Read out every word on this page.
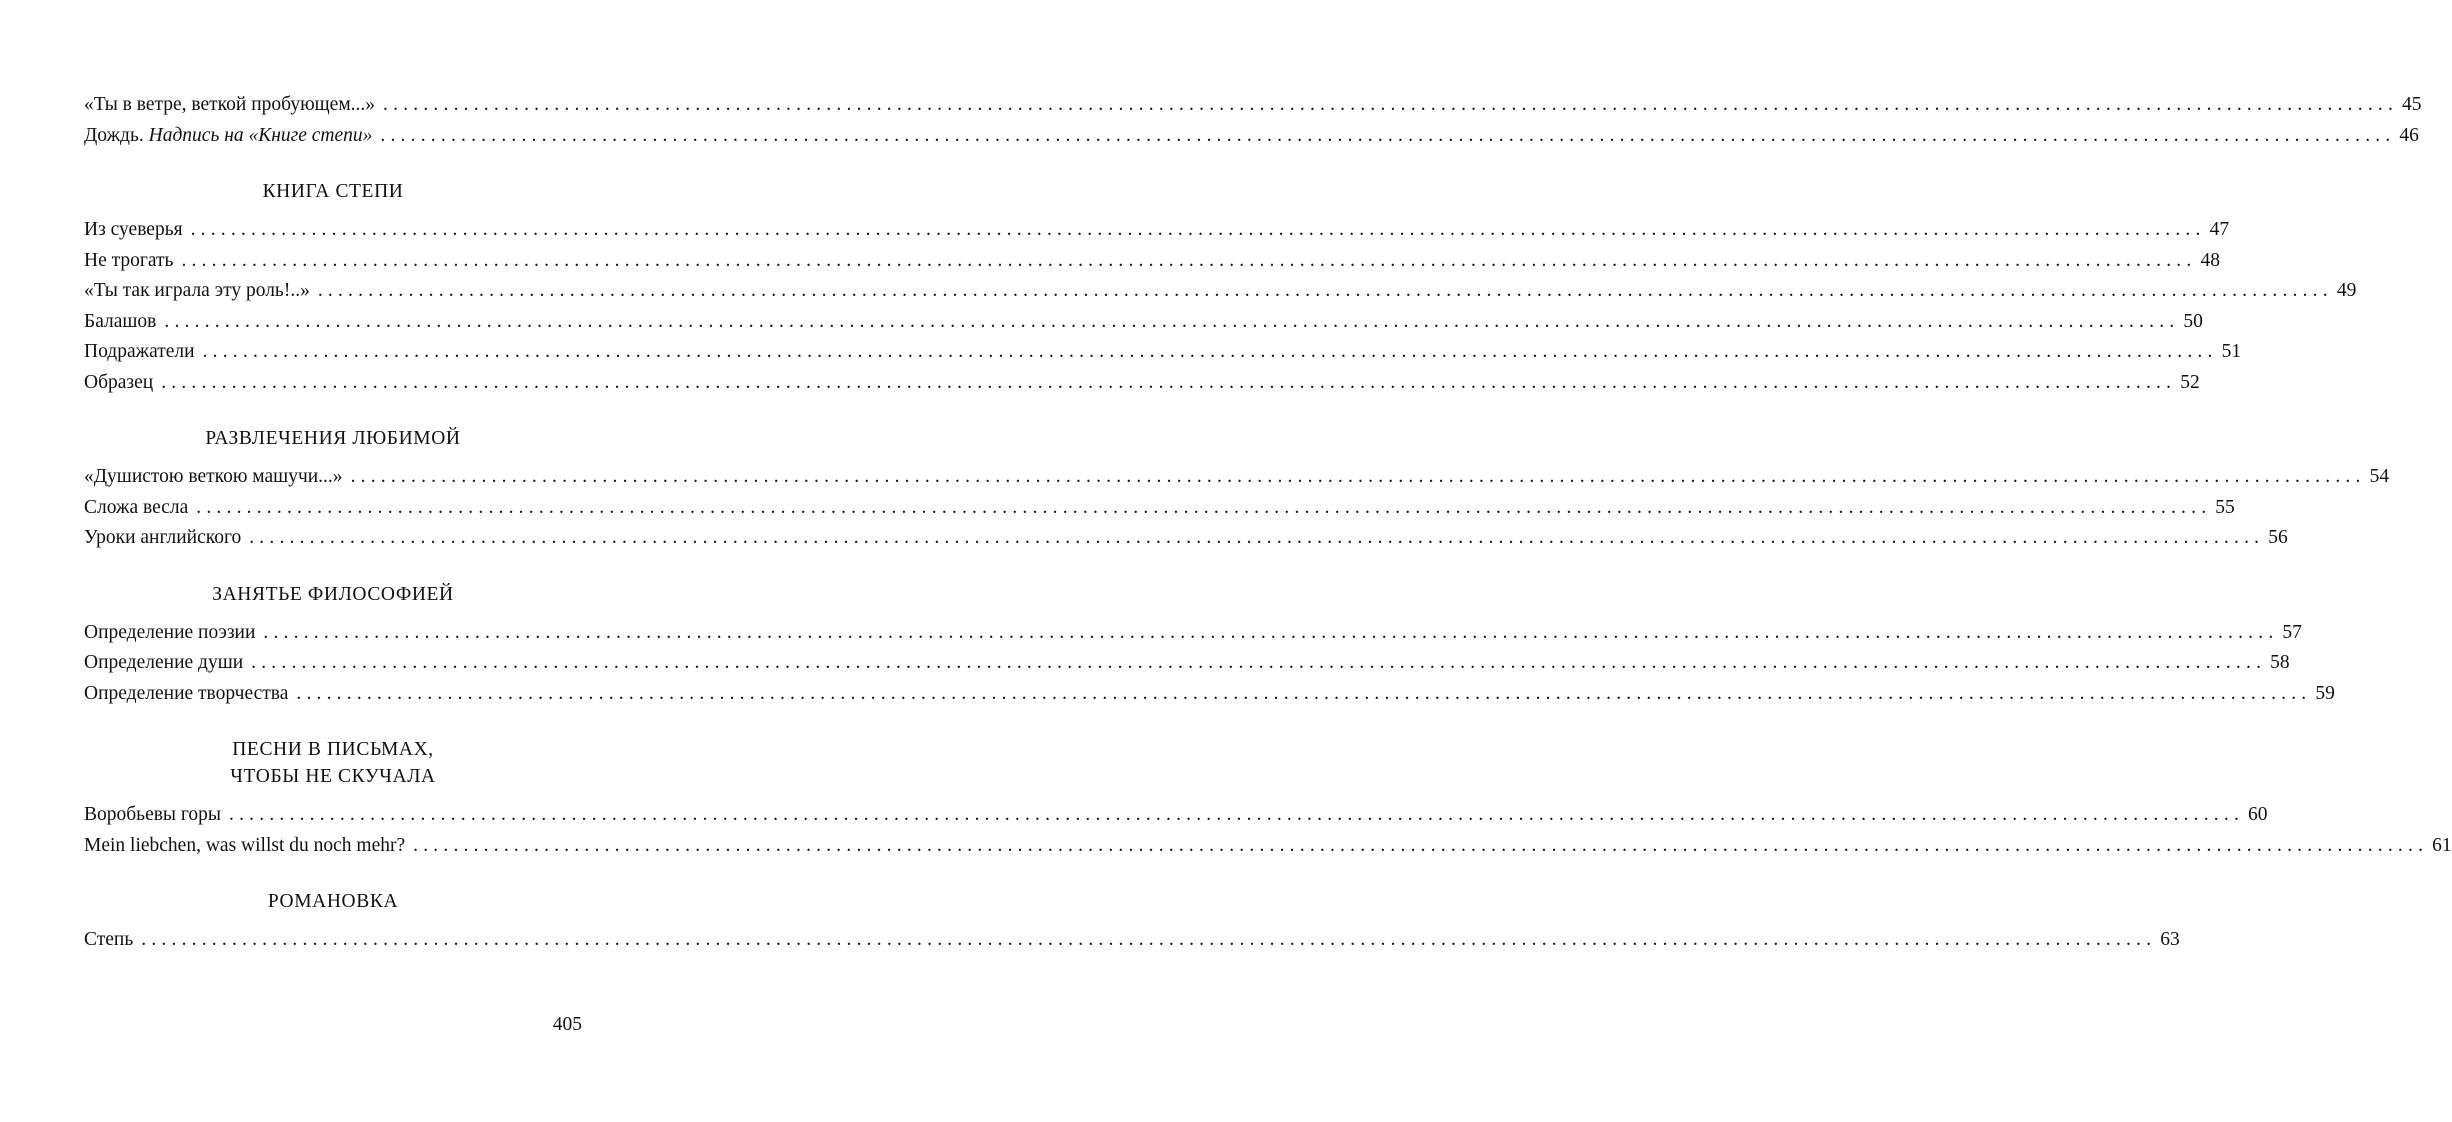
«Ты в ветре, веткой пробующем...» ........................................................................................................................................................................................................ 45
Дождь. Надпись на «Книге степи» ........................................................................................................................................................................................................ 46
КНИГА СТЕПИ
Из суеверья ........................................................................................................................................................................................................ 47
Не трогать ........................................................................................................................................................................................................ 48
«Ты так играла эту роль!..» ........................................................................................................................................................................................................ 49
Балашов ........................................................................................................................................................................................................ 50
Подражатели ........................................................................................................................................................................................................ 51
Образец ........................................................................................................................................................................................................ 52
РАЗВЛЕЧЕНИЯ ЛЮБИМОЙ
«Душистою веткою машучи...» ........................................................................................................................................................................................................ 54
Сложа весла ........................................................................................................................................................................................................ 55
Уроки английского ........................................................................................................................................................................................................ 56
ЗАНЯТЬЕ ФИЛОСОФИЕЙ
Определение поэзии ........................................................................................................................................................................................................ 57
Определение души ........................................................................................................................................................................................................ 58
Определение творчества ........................................................................................................................................................................................................ 59
ПЕСНИ В ПИСЬМАХ,
ЧТОБЫ НЕ СКУЧАЛА
Воробьевы горы ........................................................................................................................................................................................................ 60
Mein liebchen, was willst du noch mehr? ........................................................................................................................................................................................................ 61
РОМАНОВКА
Степь ........................................................................................................................................................................................................ 63
405
